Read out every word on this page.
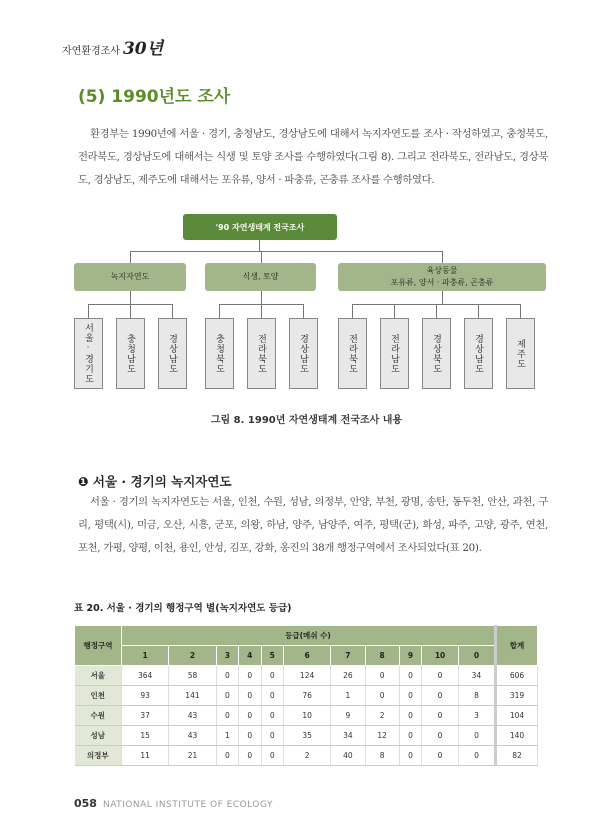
자연환경조사 30년
(5) 1990년도 조사
환경부는 1990년에 서울 · 경기, 충청남도, 경상남도에 대해서 녹지자연도를 조사 · 작성하였고, 충청북도, 전라북도, 경상남도에 대해서는 식생 및 토양 조사를 수행하였다(그림 8). 그리고 전라북도, 전라남도, 경상북도, 경상남도, 제주도에 대해서는 포유류, 양서 · 파충류, 곤충류 조사를 수행하였다.
'90 자연생태계 전국조사
녹지자연도
서울·경기도	충청남도	경상남도
식생, 토양
충청북도	전라북도	경상남도
육상동물
포유류, 양서 · 파충류, 곤충류
전라북도	전라남도	경상북도	경상남도	제주도
그림 8. 1990년 자연생태계 전국조사 내용
❶ 서울 · 경기의 녹지자연도
서울 · 경기의 녹지자연도는 서울, 인천, 수원, 성남, 의정부, 안양, 부천, 광명, 송탄, 동두천, 안산, 과천, 구리, 평택(시), 미금, 오산, 시흥, 군포, 의왕, 하남, 양주, 남양주, 여주, 평택(군), 화성, 파주, 고양, 광주, 연천, 포천, 가평, 양평, 이천, 용인, 안성, 김포, 강화, 옹진의 38개 행정구역에서 조사되었다(표 20).
표 20. 서울 · 경기의 행정구역 별(녹지자연도 등급)
행정구역	등급(메쉬 수)											합계
	1	2	3	4	5	6	7	8	9	10	0	
서울	364	58	0	0	0	124	26	0	0	0	34	606
인천	93	141	0	0	0	76	1	0	0	0	8	319
수원	37	43	0	0	0	10	9	2	0	0	3	104
성남	15	43	1	0	0	35	34	12	0	0	0	140
의정부	11	21	0	0	0	2	40	8	0	0	0	82
058 NATIONAL INSTITUTE OF ECOLOGY
